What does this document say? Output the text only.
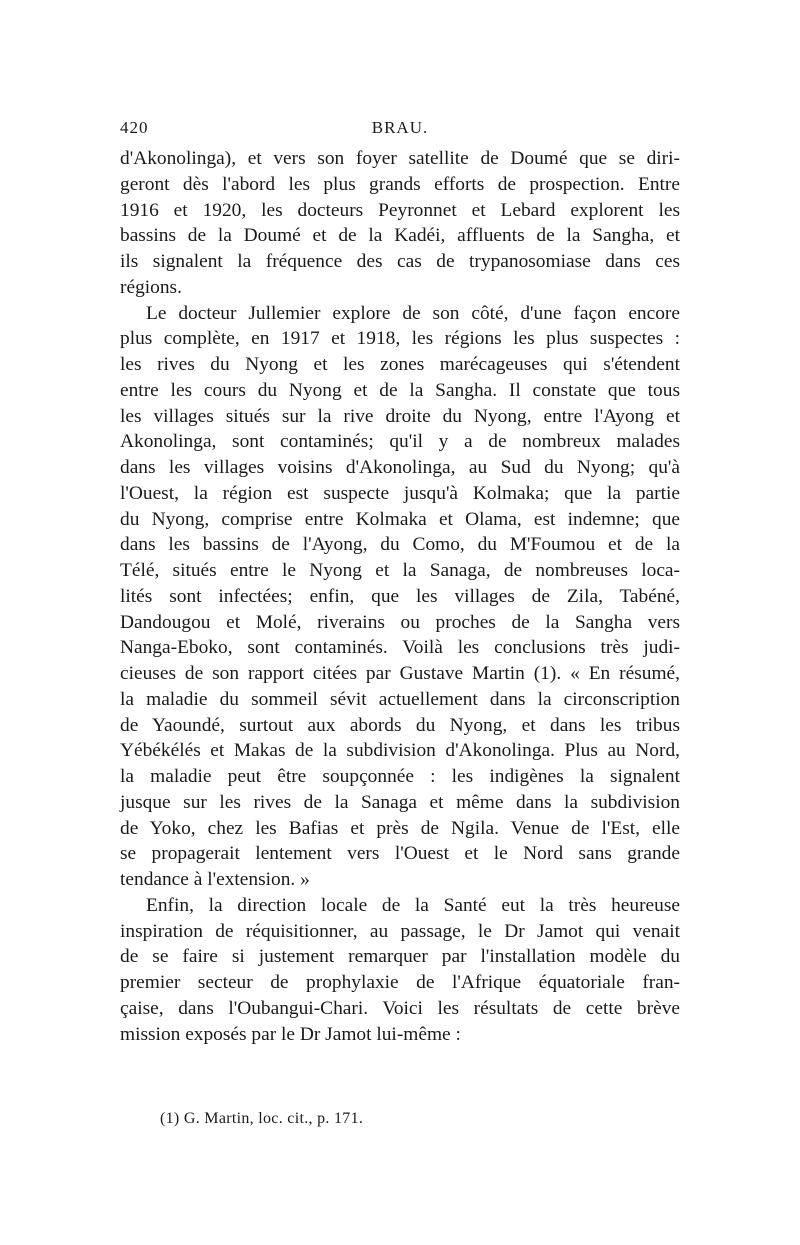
420	BRAU.
d'Akonolinga), et vers son foyer satellite de Doumé que se diri-
geront dès l'abord les plus grands efforts de prospection. Entre
1916 et 1920, les docteurs Peyronnet et Lebard explorent les
bassins de la Doumé et de la Kadéi, affluents de la Sangha, et
ils signalent la fréquence des cas de trypanosomiase dans ces
régions.
Le docteur Jullemier explore de son côté, d'une façon encore
plus complète, en 1917 et 1918, les régions les plus suspectes :
les rives du Nyong et les zones marécageuses qui s'étendent
entre les cours du Nyong et de la Sangha. Il constate que tous
les villages situés sur la rive droite du Nyong, entre l'Ayong et
Akonolinga, sont contaminés; qu'il y a de nombreux malades
dans les villages voisins d'Akonolinga, au Sud du Nyong; qu'à
l'Ouest, la région est suspecte jusqu'à Kolmaka; que la partie
du Nyong, comprise entre Kolmaka et Olama, est indemne; que
dans les bassins de l'Ayong, du Como, du M'Foumou et de la
Télé, situés entre le Nyong et la Sanaga, de nombreuses loca-
lités sont infectées; enfin, que les villages de Zila, Tabéné,
Dandougou et Molé, riverains ou proches de la Sangha vers
Nanga-Eboko, sont contaminés. Voilà les conclusions très judi-
cieuses de son rapport citées par Gustave Martin (1). « En résumé,
la maladie du sommeil sévit actuellement dans la circonscription
de Yaoundé, surtout aux abords du Nyong, et dans les tribus
Yébékélés et Makas de la subdivision d'Akonolinga. Plus au Nord,
la maladie peut être soupçonnée : les indigènes la signalent
jusque sur les rives de la Sanaga et même dans la subdivision
de Yoko, chez les Bafias et près de Ngila. Venue de l'Est, elle
se propagerait lentement vers l'Ouest et le Nord sans grande
tendance à l'extension. »
Enfin, la direction locale de la Santé eut la très heureuse
inspiration de réquisitionner, au passage, le Dr Jamot qui venait
de se faire si justement remarquer par l'installation modèle du
premier secteur de prophylaxie de l'Afrique équatoriale fran-
çaise, dans l'Oubangui-Chari. Voici les résultats de cette brève
mission exposés par le Dr Jamot lui-même :
(1) G. Martin, loc. cit., p. 171.
